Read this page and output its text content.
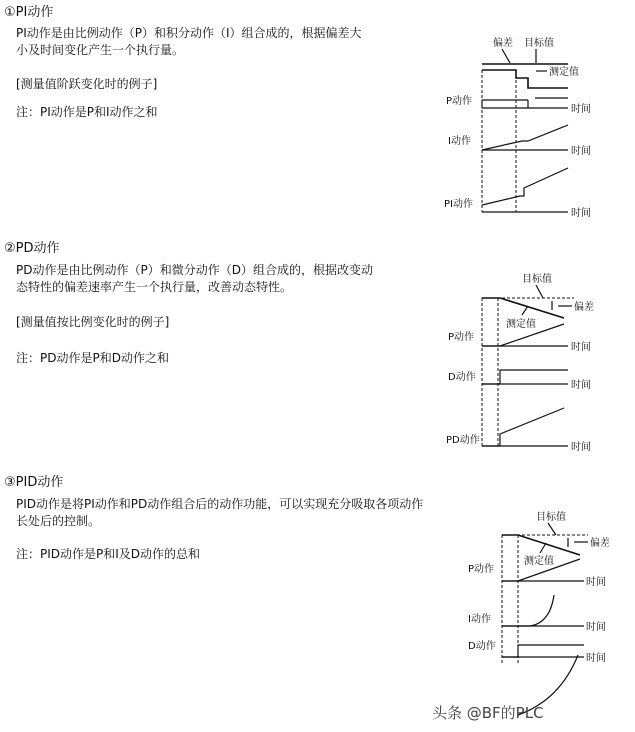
①PI动作
PI动作是由比例动作（P）和积分动作（I）组合成的，根据偏差大
小及时间变化产生一个执行量。
[测量值阶跃变化时的例子]
注：PI动作是P和I动作之和
偏差 目标值
测定值
P动作
时间
I动作
时间
PI动作
时间
②PD动作
PD动作是由比例动作（P）和微分动作（D）组合成的，根据改变动
态特性的偏差速率产生一个执行量，改善动态特性。
[测量值按比例变化时的例子]
注：PD动作是P和D动作之和
目标值
偏差
测定值
P动作
时间
D动作
时间
PD动作
时间
③PID动作
PID动作是将PI动作和PD动作组合后的动作功能，可以实现充分吸取各项动作
长处后的控制。
注：PID动作是P和I及D动作的总和
目标值
偏差
测定值
P动作
时间
I动作
时间
D动作
时间
头条 @BF的PLC
